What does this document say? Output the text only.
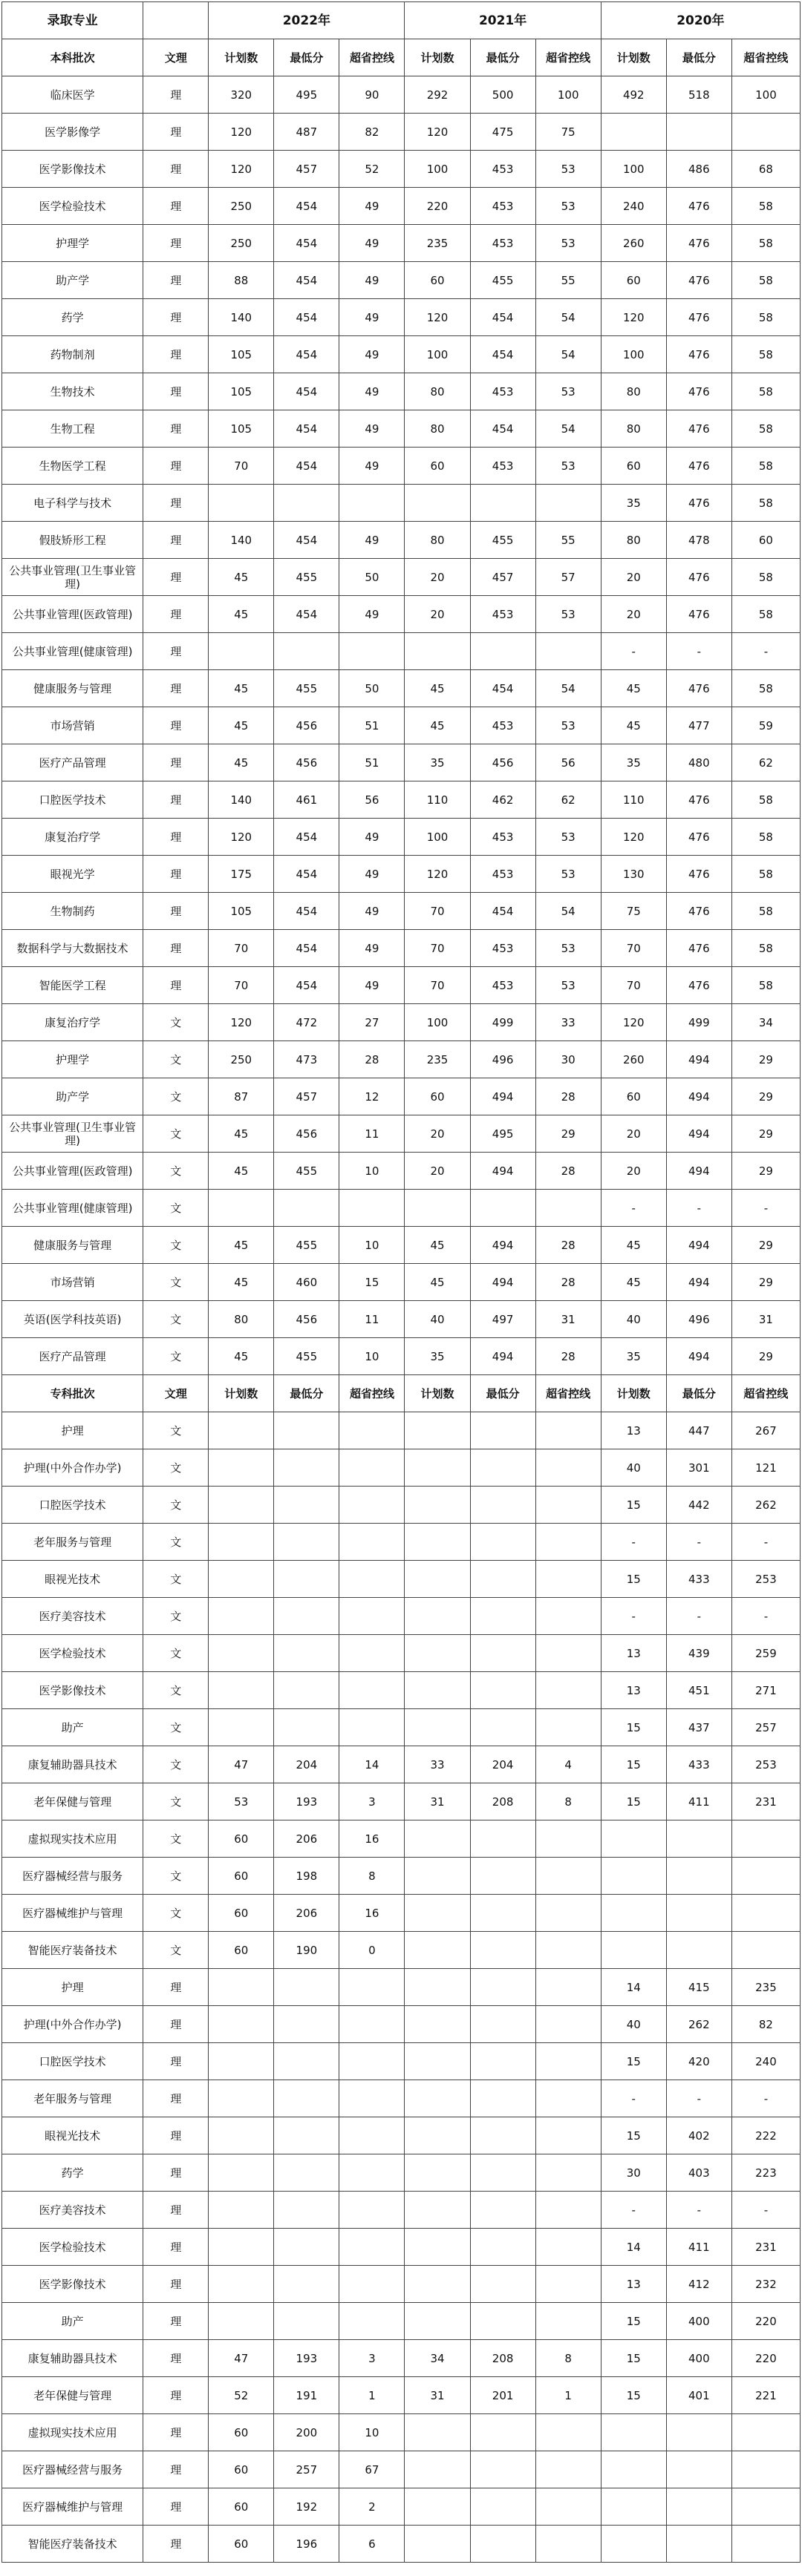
录取专业		2022年			2021年			2020年		
本科批次	文理	计划数	最低分	超省控线	计划数	最低分	超省控线	计划数	最低分	超省控线
临床医学	理	320	495	90	292	500	100	492	518	100
医学影像学	理	120	487	82	120	475	75			
医学影像技术	理	120	457	52	100	453	53	100	486	68
医学检验技术	理	250	454	49	220	453	53	240	476	58
护理学	理	250	454	49	235	453	53	260	476	58
助产学	理	88	454	49	60	455	55	60	476	58
药学	理	140	454	49	120	454	54	120	476	58
药物制剂	理	105	454	49	100	454	54	100	476	58
生物技术	理	105	454	49	80	453	53	80	476	58
生物工程	理	105	454	49	80	454	54	80	476	58
生物医学工程	理	70	454	49	60	453	53	60	476	58
电子科学与技术	理							35	476	58
假肢矫形工程	理	140	454	49	80	455	55	80	478	60
公共事业管理(卫生事业管理)	理	45	455	50	20	457	57	20	476	58
公共事业管理(医政管理)	理	45	454	49	20	453	53	20	476	58
公共事业管理(健康管理)	理							-	-	-
健康服务与管理	理	45	455	50	45	454	54	45	476	58
市场营销	理	45	456	51	45	453	53	45	477	59
医疗产品管理	理	45	456	51	35	456	56	35	480	62
口腔医学技术	理	140	461	56	110	462	62	110	476	58
康复治疗学	理	120	454	49	100	453	53	120	476	58
眼视光学	理	175	454	49	120	453	53	130	476	58
生物制药	理	105	454	49	70	454	54	75	476	58
数据科学与大数据技术	理	70	454	49	70	453	53	70	476	58
智能医学工程	理	70	454	49	70	453	53	70	476	58
康复治疗学	文	120	472	27	100	499	33	120	499	34
护理学	文	250	473	28	235	496	30	260	494	29
助产学	文	87	457	12	60	494	28	60	494	29
公共事业管理(卫生事业管理)	文	45	456	11	20	495	29	20	494	29
公共事业管理(医政管理)	文	45	455	10	20	494	28	20	494	29
公共事业管理(健康管理)	文							-	-	-
健康服务与管理	文	45	455	10	45	494	28	45	494	29
市场营销	文	45	460	15	45	494	28	45	494	29
英语(医学科技英语)	文	80	456	11	40	497	31	40	496	31
医疗产品管理	文	45	455	10	35	494	28	35	494	29
专科批次	文理	计划数	最低分	超省控线	计划数	最低分	超省控线	计划数	最低分	超省控线
护理	文							13	447	267
护理(中外合作办学)	文							40	301	121
口腔医学技术	文							15	442	262
老年服务与管理	文							-	-	-
眼视光技术	文							15	433	253
医疗美容技术	文							-	-	-
医学检验技术	文							13	439	259
医学影像技术	文							13	451	271
助产	文							15	437	257
康复辅助器具技术	文	47	204	14	33	204	4	15	433	253
老年保健与管理	文	53	193	3	31	208	8	15	411	231
虚拟现实技术应用	文	60	206	16						
医疗器械经营与服务	文	60	198	8						
医疗器械维护与管理	文	60	206	16						
智能医疗装备技术	文	60	190	0						
护理	理							14	415	235
护理(中外合作办学)	理							40	262	82
口腔医学技术	理							15	420	240
老年服务与管理	理							-	-	-
眼视光技术	理							15	402	222
药学	理							30	403	223
医疗美容技术	理							-	-	-
医学检验技术	理							14	411	231
医学影像技术	理							13	412	232
助产	理							15	400	220
康复辅助器具技术	理	47	193	3	34	208	8	15	400	220
老年保健与管理	理	52	191	1	31	201	1	15	401	221
虚拟现实技术应用	理	60	200	10						
医疗器械经营与服务	理	60	257	67						
医疗器械维护与管理	理	60	192	2						
智能医疗装备技术	理	60	196	6						
